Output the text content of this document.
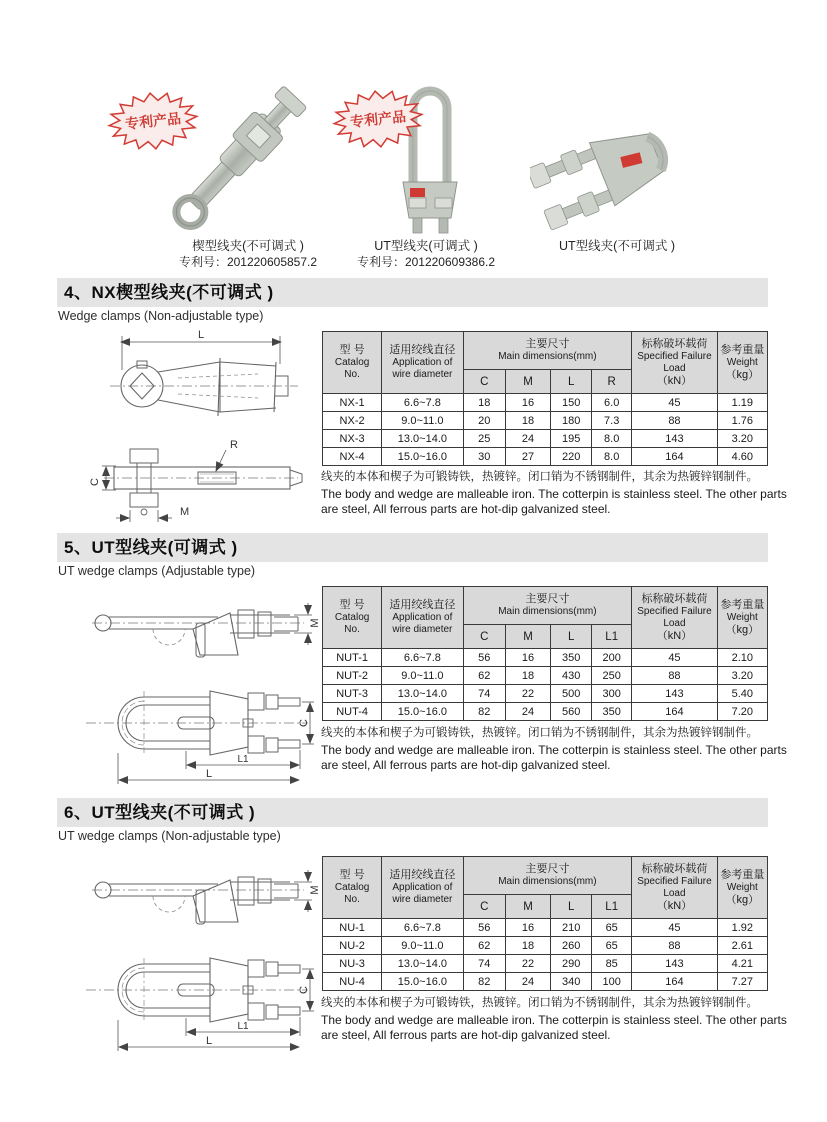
专利产品	专利产品
楔型线夹(不可调式 )
专利号：201220605857.2
UT型线夹(可调式 )
专利号：201220609386.2
UT型线夹(不可调式 )
4、NX楔型线夹(不可调式 )
Wedge clamps (Non-adjustable type)
L
C
R
M
型 号
Catalog
No.

适用绞线直径
Application of
wire diameter

主要尺寸
Main dimensions(mm)

标称破坏载荷
Specified Failure
Load
（kN）

参考重量
Weight
（kg）

		C	M	L	R		
NX-1	6.6~7.8	18	16	150	6.0	45	1.19
NX-2	9.0~11.0	20	18	180	7.3	88	1.76
NX-3	13.0~14.0	25	24	195	8.0	143	3.20
NX-4	15.0~16.0	30	27	220	8.0	164	4.60
线夹的本体和楔子为可锻铸铁，热镀锌。闭口销为不锈钢制件，其余为热镀锌钢制件。
The body and wedge are malleable iron. The cotterpin is stainless steel. The other parts are steel, All ferrous parts are hot-dip galvanized steel.
5、UT型线夹(可调式 )
UT wedge clamps (Adjustable type)
M
C
L1
L
型 号
Catalog
No.

适用绞线直径
Application of
wire diameter

主要尺寸
Main dimensions(mm)

标称破坏载荷
Specified Failure
Load
（kN）

参考重量
Weight
（kg）

		C	M	L	L1		
NUT-1	6.6~7.8	56	16	350	200	45	2.10
NUT-2	9.0~11.0	62	18	430	250	88	3.20
NUT-3	13.0~14.0	74	22	500	300	143	5.40
NUT-4	15.0~16.0	82	24	560	350	164	7.20
线夹的本体和楔子为可锻铸铁，热镀锌。闭口销为不锈钢制件，其余为热镀锌钢制件。
The body and wedge are malleable iron. The cotterpin is stainless steel. The other parts are steel, All ferrous parts are hot-dip galvanized steel.
6、UT型线夹(不可调式 )
UT wedge clamps (Non-adjustable type)
M
C
L1
L
型 号
Catalog
No.

适用绞线直径
Application of
wire diameter

主要尺寸
Main dimensions(mm)

标称破坏载荷
Specified Failure
Load
（kN）

参考重量
Weight
（kg）

		C	M	L	L1		
NU-1	6.6~7.8	56	16	210	65	45	1.92
NU-2	9.0~11.0	62	18	260	65	88	2.61
NU-3	13.0~14.0	74	22	290	85	143	4.21
NU-4	15.0~16.0	82	24	340	100	164	7.27
线夹的本体和楔子为可锻铸铁，热镀锌。闭口销为不锈钢制件，其余为热镀锌钢制件。
The body and wedge are malleable iron. The cotterpin is stainless steel. The other parts are steel, All ferrous parts are hot-dip galvanized steel.
